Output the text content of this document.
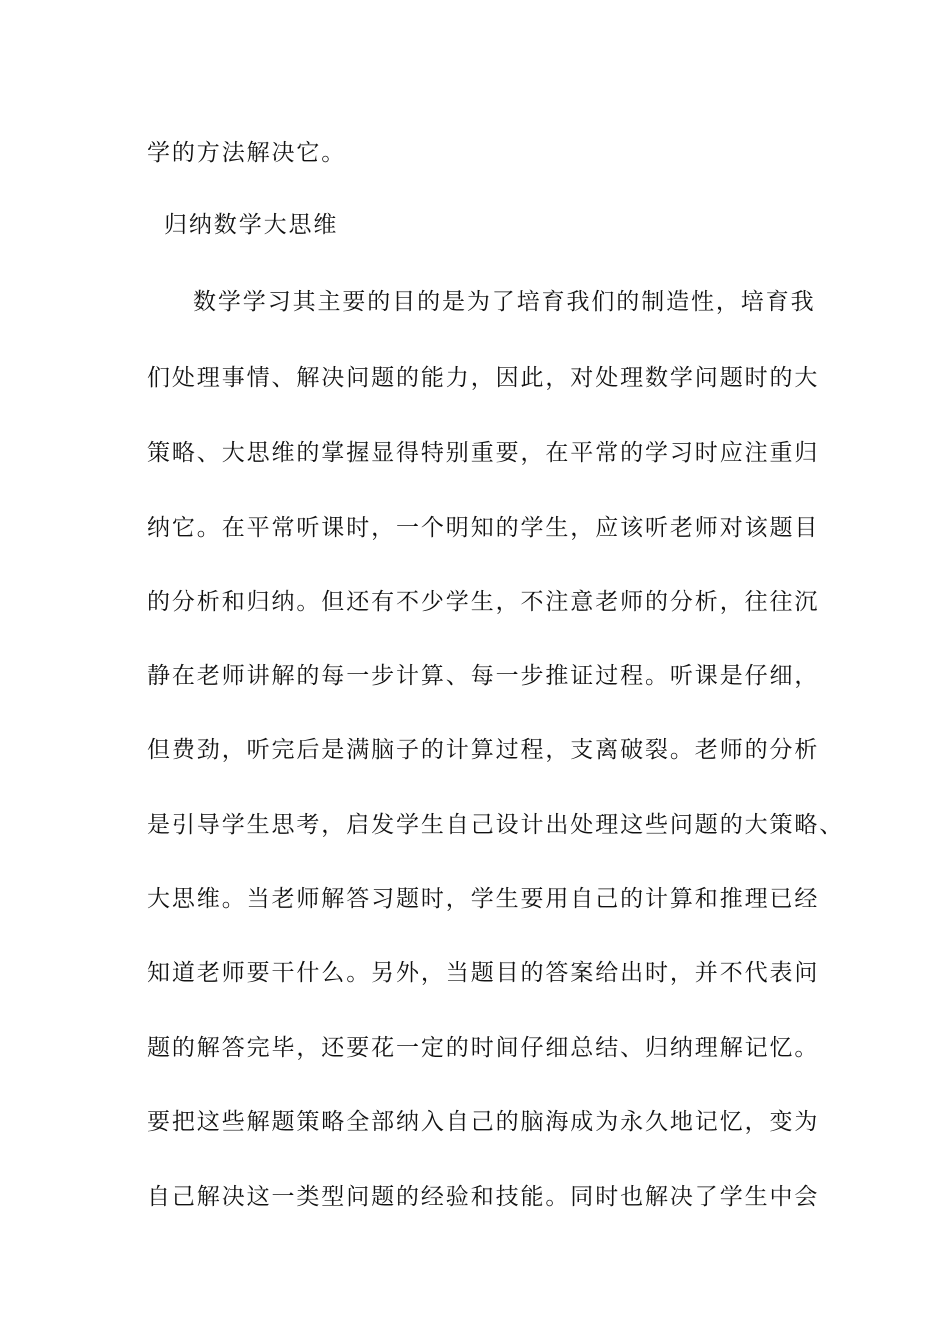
学的方法解决它。
归纳数学大思维
数学学习其主要的目的是为了培育我们的制造性，培育我
们处理事情、解决问题的能力，因此，对处理数学问题时的大
策略、大思维的掌握显得特别重要，在平常的学习时应注重归
纳它。在平常听课时，一个明知的学生，应该听老师对该题目
的分析和归纳。但还有不少学生，不注意老师的分析，往往沉
静在老师讲解的每一步计算、每一步推证过程。听课是仔细，
但费劲，听完后是满脑子的计算过程，支离破裂。老师的分析
是引导学生思考，启发学生自己设计出处理这些问题的大策略、
大思维。当老师解答习题时，学生要用自己的计算和推理已经
知道老师要干什么。另外，当题目的答案给出时，并不代表问
题的解答完毕，还要花一定的时间仔细总结、归纳理解记忆。
要把这些解题策略全部纳入自己的脑海成为永久地记忆，变为
自己解决这一类型问题的经验和技能。同时也解决了学生中会
